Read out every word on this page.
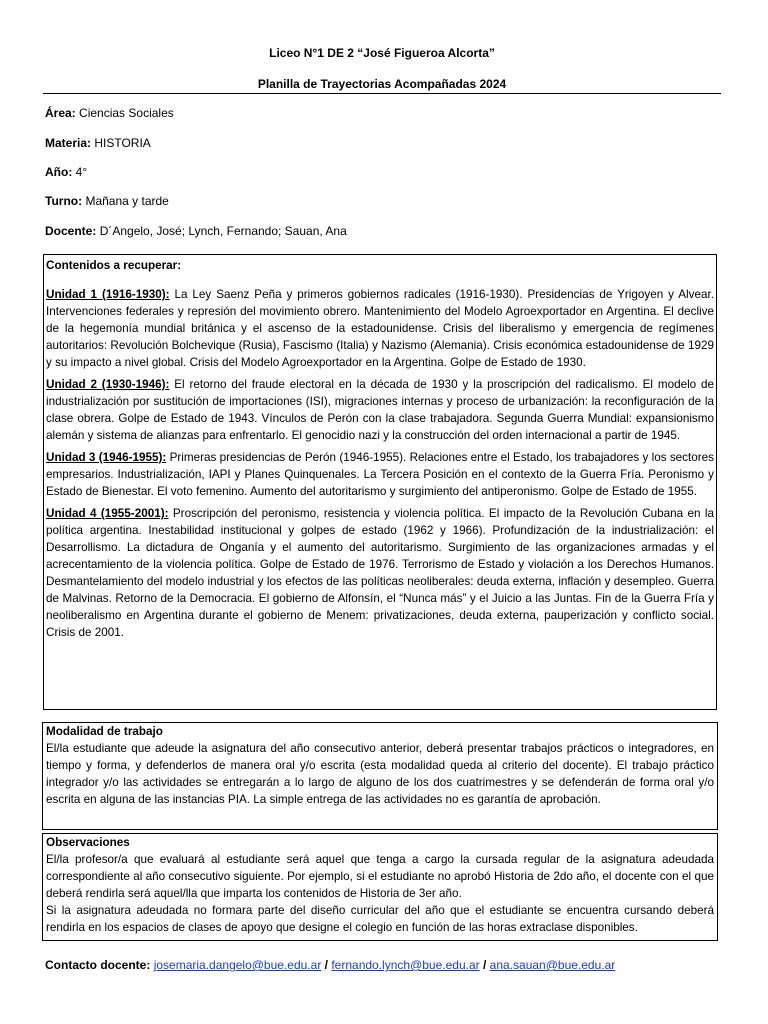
Liceo N°1 DE 2 “José Figueroa Alcorta”
Planilla de Trayectorias Acompañadas 2024
Área: Ciencias Sociales
Materia: HISTORIA
Año: 4°
Turno: Mañana y tarde
Docente: D´Angelo, José; Lynch, Fernando; Sauan, Ana
Contenidos a recuperar:
Unidad 1 (1916-1930): La Ley Saenz Peña y primeros gobiernos radicales (1916-1930). Presidencias de Yrigoyen y Alvear. Intervenciones federales y represión del movimiento obrero. Mantenimiento del Modelo Agroexportador en Argentina. El declive de la hegemonía mundial británica y el ascenso de la estadounidense. Crisis del liberalismo y emergencia de regímenes autoritarios: Revolución Bolchevique (Rusia), Fascismo (Italia) y Nazismo (Alemania). Crisis económica estadounidense de 1929 y su impacto a nivel global. Crisis del Modelo Agroexportador en la Argentina. Golpe de Estado de 1930.
Unidad 2 (1930-1946): El retorno del fraude electoral en la década de 1930 y la proscripción del radicalismo. El modelo de industrialización por sustitución de importaciones (ISI), migraciones internas y proceso de urbanización: la reconfiguración de la clase obrera. Golpe de Estado de 1943. Vínculos de Perón con la clase trabajadora. Segunda Guerra Mundial: expansionismo alemán y sistema de alianzas para enfrentarlo. El genocidio nazi y la construcción del orden internacional a partir de 1945.
Unidad 3 (1946-1955): Primeras presidencias de Perón (1946-1955). Relaciones entre el Estado, los trabajadores y los sectores empresarios. Industrialización, IAPI y Planes Quinquenales. La Tercera Posición en el contexto de la Guerra Fría. Peronismo y Estado de Bienestar. El voto femenino. Aumento del autoritarismo y surgimiento del antiperonismo. Golpe de Estado de 1955.
Unidad 4 (1955-2001): Proscripción del peronismo, resistencia y violencia política. El impacto de la Revolución Cubana en la política argentina. Inestabilidad institucional y golpes de estado (1962 y 1966). Profundización de la industrialización: el Desarrollismo. La dictadura de Onganía y el aumento del autoritarismo. Surgimiento de las organizaciones armadas y el acrecentamiento de la violencia política. Golpe de Estado de 1976. Terrorismo de Estado y violación a los Derechos Humanos. Desmantelamiento del modelo industrial y los efectos de las políticas neoliberales: deuda externa, inflación y desempleo. Guerra de Malvinas. Retorno de la Democracia. El gobierno de Alfonsín, el “Nunca más” y el Juicio a las Juntas. Fin de la Guerra Fría y neoliberalismo en Argentina durante el gobierno de Menem: privatizaciones, deuda externa, pauperización y conflicto social. Crisis de 2001.
Modalidad de trabajo
El/la estudiante que adeude la asignatura del año consecutivo anterior, deberá presentar trabajos prácticos o integradores, en tiempo y forma, y defenderlos de manera oral y/o escrita (esta modalidad queda al criterio del docente). El trabajo práctico integrador y/o las actividades se entregarán a lo largo de alguno de los dos cuatrimestres y se defenderán de forma oral y/o escrita en alguna de las instancias PIA. La simple entrega de las actividades no es garantía de aprobación.
Observaciones
El/la profesor/a que evaluará al estudiante será aquel que tenga a cargo la cursada regular de la asignatura adeudada correspondiente al año consecutivo siguiente. Por ejemplo, si el estudiante no aprobó Historia de 2do año, el docente con el que deberá rendirla será aquel/lla que imparta los contenidos de Historia de 3er año.
Si la asignatura adeudada no formara parte del diseño curricular del año que el estudiante se encuentra cursando deberá rendirla en los espacios de clases de apoyo que designe el colegio en función de las horas extraclase disponibles.
Contacto docente: josemaria.dangelo@bue.edu.ar / fernando.lynch@bue.edu.ar / ana.sauan@bue.edu.ar
